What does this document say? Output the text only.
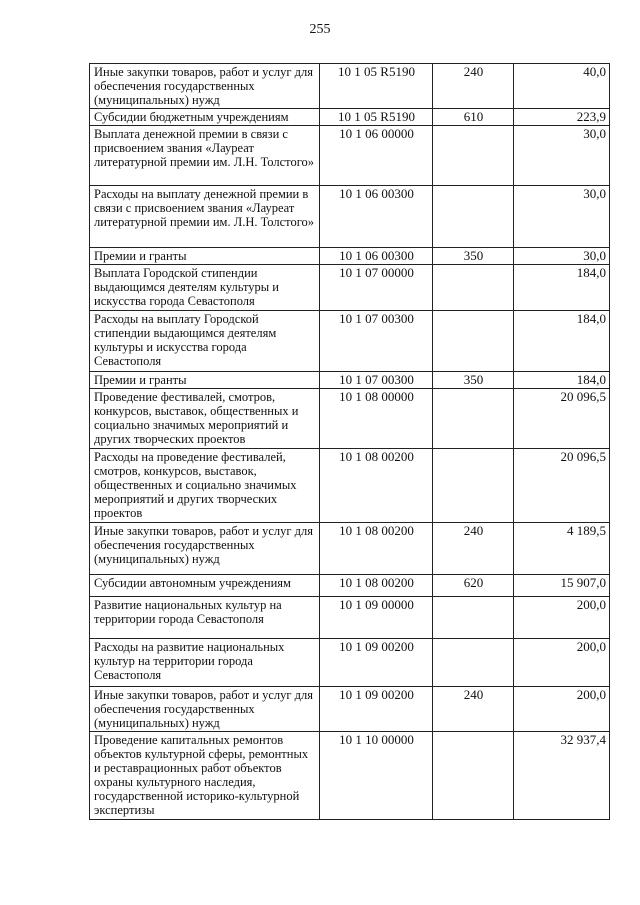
255
Иные закупки товаров, работ и услуг для обеспечения государственных (муниципальных) нужд	10 1 05 R5190	240	40,0
Субсидии бюджетным учреждениям	10 1 05 R5190	610	223,9
Выплата денежной премии в связи с присвоением звания «Лауреат литературной премии им. Л.Н. Толстого»	10 1 06 00000		30,0
Расходы на выплату денежной премии в связи с присвоением звания «Лауреат литературной премии им. Л.Н. Толстого»	10 1 06 00300		30,0
Премии и гранты	10 1 06 00300	350	30,0
Выплата Городской стипендии выдающимся деятелям культуры и искусства города Севастополя	10 1 07 00000		184,0
Расходы на выплату Городской стипендии выдающимся деятелям культуры и искусства города Севастополя	10 1 07 00300		184,0
Премии и гранты	10 1 07 00300	350	184,0
Проведение фестивалей, смотров, конкурсов, выставок, общественных и социально значимых мероприятий и других творческих проектов	10 1 08 00000		20 096,5
Расходы на проведение фестивалей, смотров, конкурсов, выставок, общественных и социально значимых мероприятий и других творческих проектов	10 1 08 00200		20 096,5
Иные закупки товаров, работ и услуг для обеспечения государственных (муниципальных) нужд	10 1 08 00200	240	4 189,5
Субсидии автономным учреждениям	10 1 08 00200	620	15 907,0
Развитие национальных культур на территории города Севастополя	10 1 09 00000		200,0
Расходы на развитие национальных культур на территории города Севастополя	10 1 09 00200		200,0
Иные закупки товаров, работ и услуг для обеспечения государственных (муниципальных) нужд	10 1 09 00200	240	200,0
Проведение капитальных ремонтов объектов культурной сферы, ремонтных и реставрационных работ объектов охраны культурного наследия, государственной историко-культурной экспертизы	10 1 10 00000		32 937,4
